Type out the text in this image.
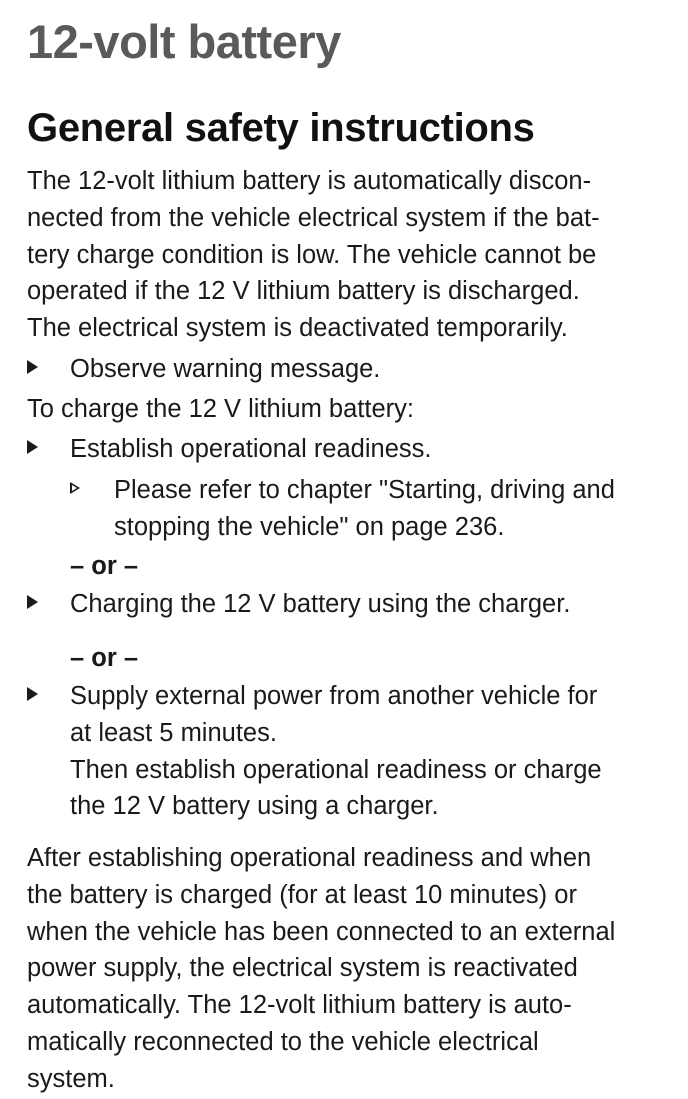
12-volt battery
General safety instructions

The 12-volt lithium battery is automatically discon-

nected from the vehicle electrical system if the bat-

tery charge condition is low. The vehicle cannot be

operated if the 12 V lithium battery is discharged.

The electrical system is deactivated temporarily.

Observe warning message.

To charge the 12 V lithium battery:

Establish operational readiness.

Please refer to chapter "Starting, driving and

stopping the vehicle" on page 236.

– or –

Charging the 12 V battery using the charger.

– or –

Supply external power from another vehicle for

at least 5 minutes.

Then establish operational readiness or charge

the 12 V battery using a charger.

After establishing operational readiness and when

the battery is charged (for at least 10 minutes) or

when the vehicle has been connected to an external

power supply, the electrical system is reactivated

automatically. The 12-volt lithium battery is auto-

matically reconnected to the vehicle electrical

system.
